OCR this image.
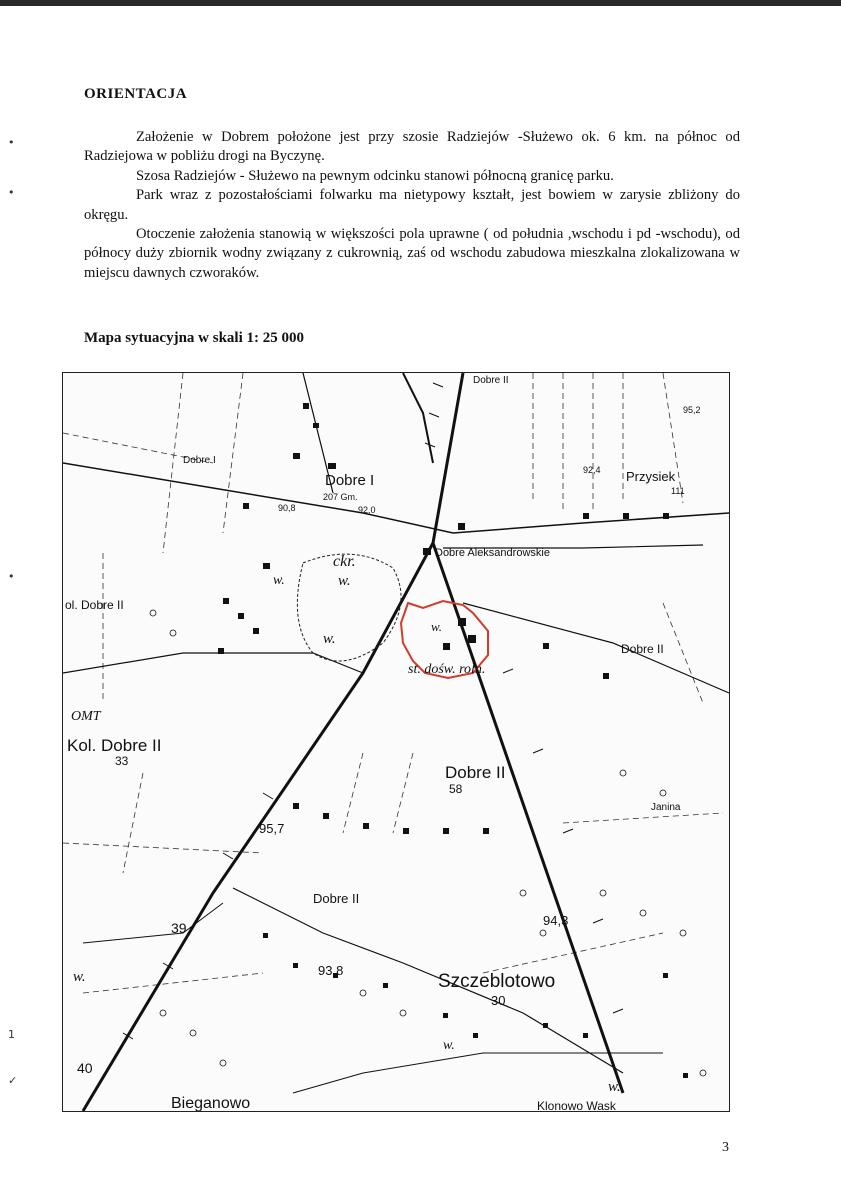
•
•
•
1
✓
ORIENTACJA

Założenie w Dobrem położone jest przy szosie Radziejów -Służewo ok. 6 km. na północ od Radziejowa w pobliżu drogi na Byczynę.

Szosa Radziejów - Służewo na pewnym odcinku stanowi północną granicę parku.

Park wraz z pozostałościami folwarku ma nietypowy kształt, jest bowiem w zarysie zbliżony do okręgu.

Otoczenie założenia stanowią w większości pola uprawne ( od południa ,wschodu i pd -wschodu), od północy duży zbiornik wodny związany z cukrownią, zaś od wschodu zabudowa mieszkalna zlokalizowana w miejscu dawnych czworaków.

Mapa sytuacyjna w skali 1: 25 000
Dobre II
Dobre I
Dobre I
207 Gm.
92,0
90,8
92,4 Przysiek
111
95,2
Dobre Aleksandrowskie
ckr.
w.
w.
w.
w.
ol. Dobre II
Dobre II
st. dośw. roln.
OMT
Kol. Dobre II
33
Dobre II
58
Janina
95,7
Dobre II
94,3
39
w.	93,8
Szczeblotowo
30
w.
40
w.
Bieganowo	Klonowo Wask
3
